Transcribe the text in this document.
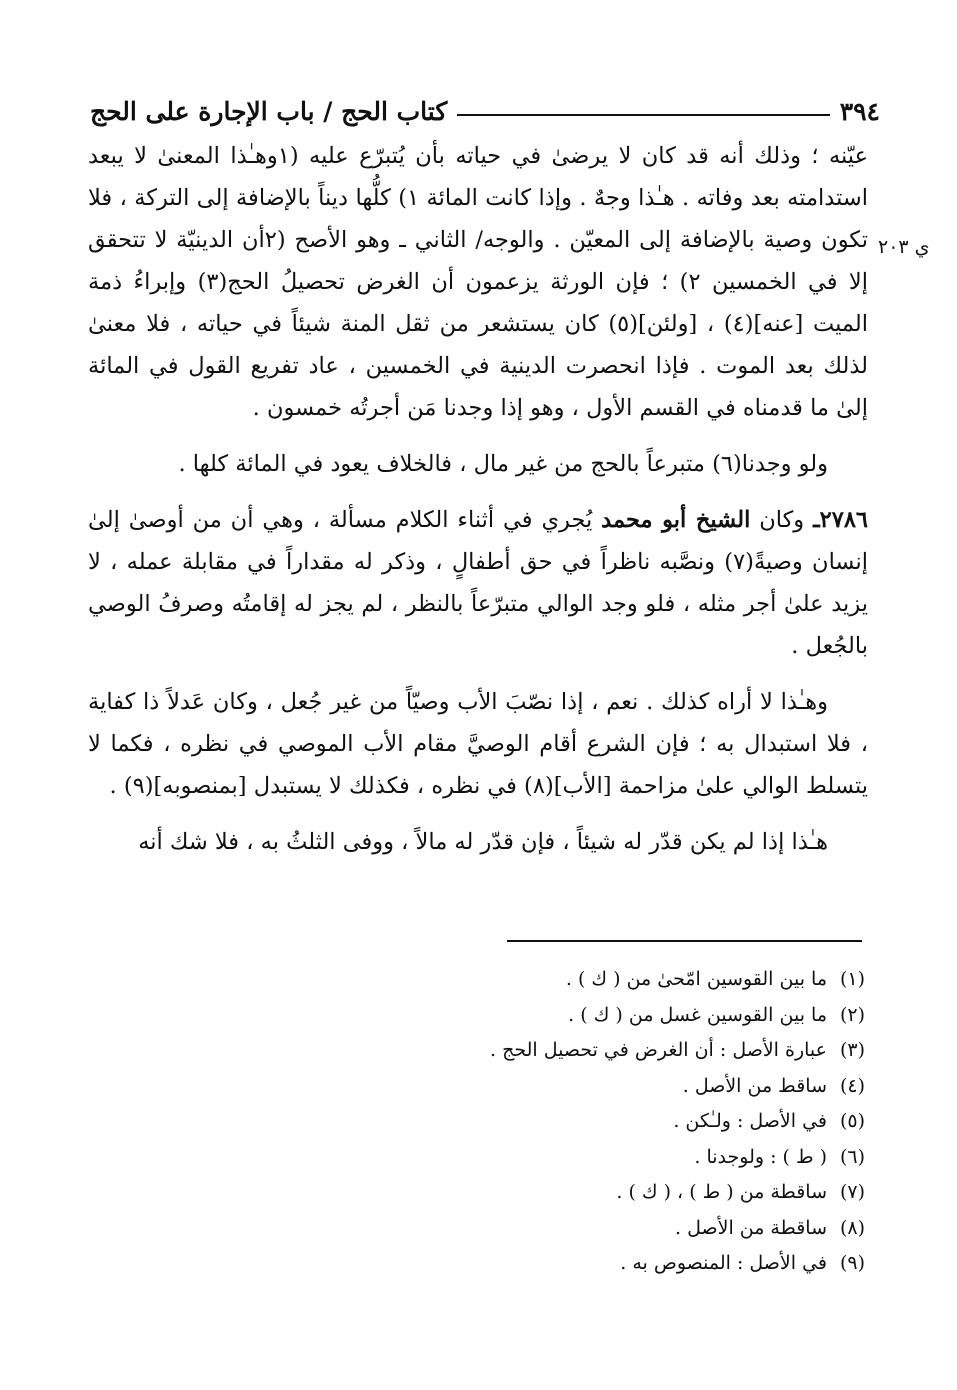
٣٩٤
كتاب الحج / باب الإجارة على الحج
ي ٢٠٣

عيّنه ؛ وذلك أنه قد كان لا يرضىٰ في حياته بأن يُتبرّع عليه (١وهـٰذا المعنىٰ لا يبعد استدامته بعد وفاته . هـٰذا وجهٌ . وإذا كانت المائة ١) كلُّها ديناً بالإضافة إلى التركة ، فلا تكون وصية بالإضافة إلى المعيّن . والوجه/ الثاني ـ وهو الأصح (٢أن الدينيّة لا تتحقق إلا في الخمسين ٢) ؛ فإن الورثة يزعمون أن الغرض تحصيلُ الحج(٣) وإبراءُ ذمة الميت [عنه](٤) ، [ولئن](٥) كان يستشعر من ثقل المنة شيئاً في حياته ، فلا معنىٰ لذلك بعد الموت . فإذا انحصرت الدينية في الخمسين ، عاد تفريع القول في المائة إلىٰ ما قدمناه في القسم الأول ، وهو إذا وجدنا مَن أجرتُه خمسون .

ولو وجدنا(٦) متبرعاً بالحج من غير مال ، فالخلاف يعود في المائة كلها .

٢٧٨٦ـ وكان الشيخ أبو محمد يُجري في أثناء الكلام مسألة ، وهي أن من أوصىٰ إلىٰ إنسان وصيةً(٧) ونصَّبه ناظراً في حق أطفالٍ ، وذكر له مقداراً في مقابلة عمله ، لا يزيد علىٰ أجر مثله ، فلو وجد الوالي متبرّعاً بالنظر ، لم يجز له إقامتُه وصرفُ الوصي بالجُعل .

وهـٰذا لا أراه كذلك . نعم ، إذا نصّبَ الأب وصيّاً من غير جُعل ، وكان عَدلاً ذا كفاية ، فلا استبدال به ؛ فإن الشرع أقام الوصيَّ مقام الأب الموصي في نظره ، فكما لا يتسلط الوالي علىٰ مزاحمة [الأب](٨) في نظره ، فكذلك لا يستبدل [بمنصوبه](٩) .

هـٰذا إذا لم يكن قدّر له شيئاً ، فإن قدّر له مالاً ، ووفى الثلثُ به ، فلا شك أنه

(١)ما بين القوسين امّحىٰ من ( ك ) .
(٢)ما بين القوسين غسل من ( ك ) .
(٣)عبارة الأصل : أن الغرض في تحصيل الحج .
(٤)ساقط من الأصل .
(٥)في الأصل : ولـٰكن .
(٦)( ط ) : ولوجدنا .
(٧)ساقطة من ( ط ) ، ( ك ) .
(٨)ساقطة من الأصل .
(٩)في الأصل : المنصوص به .
